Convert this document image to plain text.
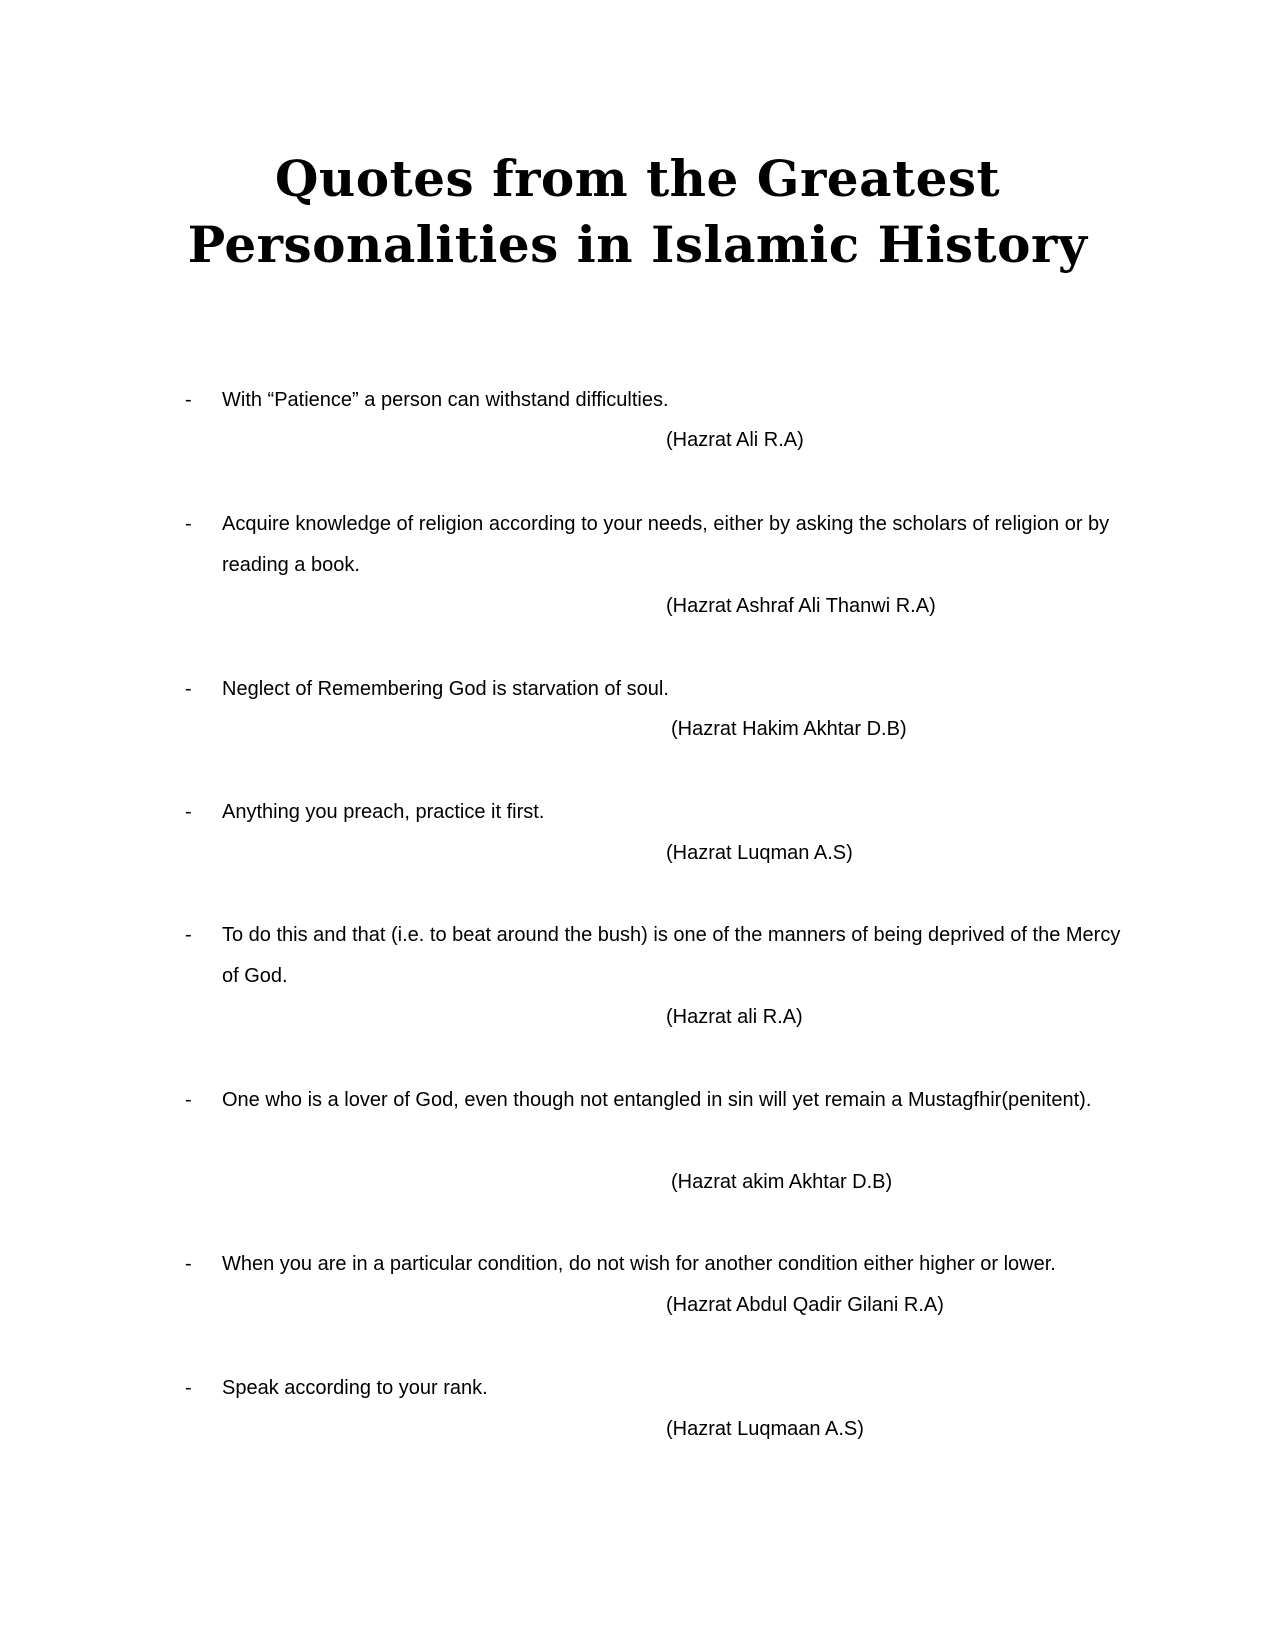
Quotes from the Greatest
Personalities in Islamic History
- With “Patience” a person can withstand difficulties.
(Hazrat Ali R.A)
- Acquire knowledge of religion according to your needs, either by asking the scholars of religion or by reading a book.
(Hazrat Ashraf Ali Thanwi R.A)
- Neglect of Remembering God is starvation of soul.
(Hazrat Hakim Akhtar D.B)
- Anything you preach, practice it first.
(Hazrat Luqman A.S)
- To do this and that (i.e. to beat around the bush) is one of the manners of being deprived of the Mercy of God.
(Hazrat ali R.A)
- One who is a lover of God, even though not entangled in sin will yet remain a Mustagfhir(penitent).
(Hazrat akim Akhtar D.B)
- When you are in a particular condition, do not wish for another condition either higher or lower.
(Hazrat Abdul Qadir Gilani R.A)
- Speak according to your rank.
(Hazrat Luqmaan A.S)
